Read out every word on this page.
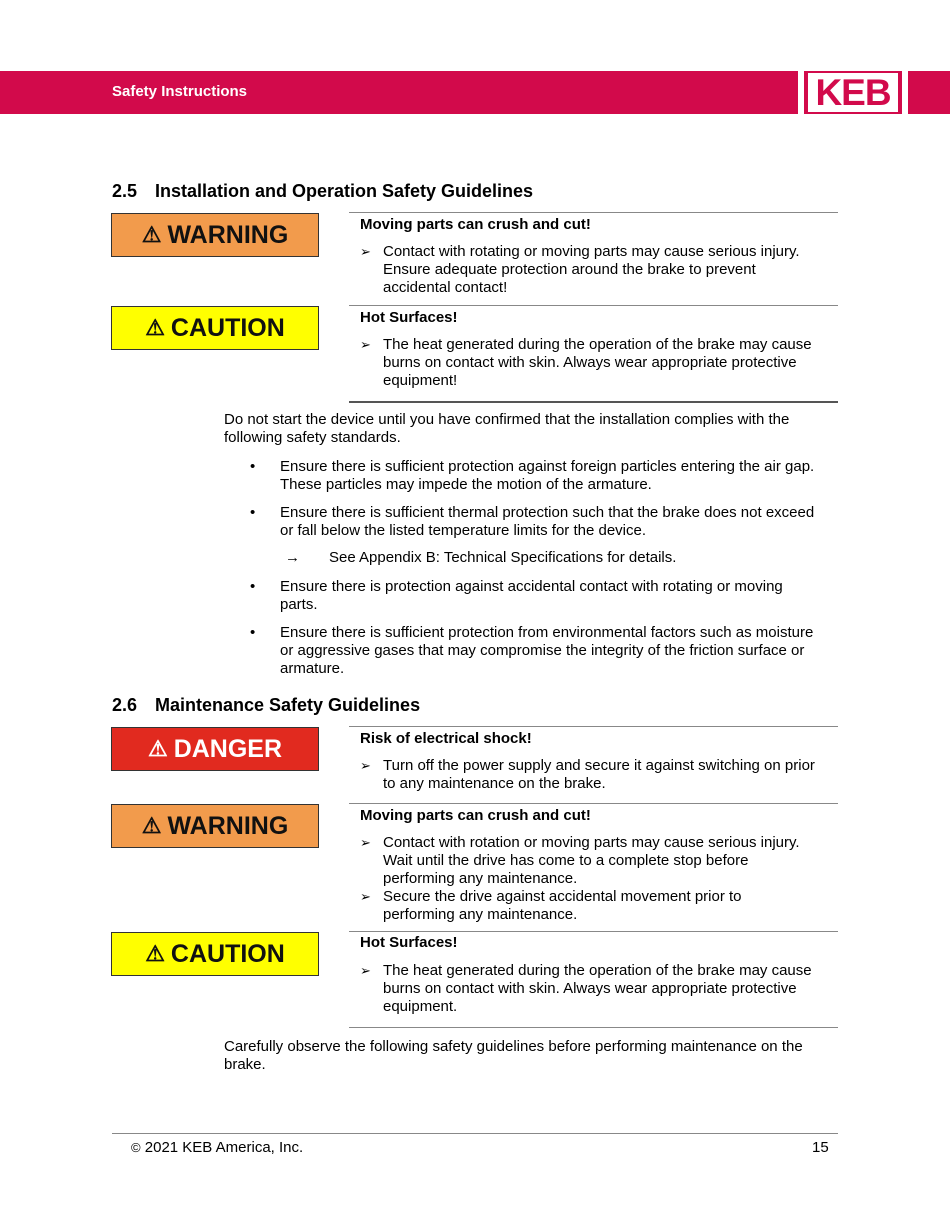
Safety Instructions	KEB
2.5 Installation and Operation Safety Guidelines
⚠ WARNING	Moving parts can crush and cut!
➢ Contact with rotating or moving parts may cause serious injury.
Ensure adequate protection around the brake to prevent
accidental contact!
⚠ CAUTION	Hot Surfaces!
➢ The heat generated during the operation of the brake may cause
burns on contact with skin. Always wear appropriate protective
equipment!
Do not start the device until you have confirmed that the installation complies with the
following safety standards.
• Ensure there is sufficient protection against foreign particles entering the air gap.
These particles may impede the motion of the armature.
• Ensure there is sufficient thermal protection such that the brake does not exceed
or fall below the listed temperature limits for the device.
→ See Appendix B: Technical Specifications for details.
• Ensure there is protection against accidental contact with rotating or moving
parts.
• Ensure there is sufficient protection from environmental factors such as moisture
or aggressive gases that may compromise the integrity of the friction surface or
armature.
2.6 Maintenance Safety Guidelines
⚠ DANGER	Risk of electrical shock!
➢ Turn off the power supply and secure it against switching on prior
to any maintenance on the brake.
⚠ WARNING	Moving parts can crush and cut!
➢ Contact with rotation or moving parts may cause serious injury.
Wait until the drive has come to a complete stop before
performing any maintenance.
➢ Secure the drive against accidental movement prior to
performing any maintenance.
⚠ CAUTION	Hot Surfaces!
➢ The heat generated during the operation of the brake may cause
burns on contact with skin. Always wear appropriate protective
equipment.
Carefully observe the following safety guidelines before performing maintenance on the
brake.
© 2021 KEB America, Inc.	15
